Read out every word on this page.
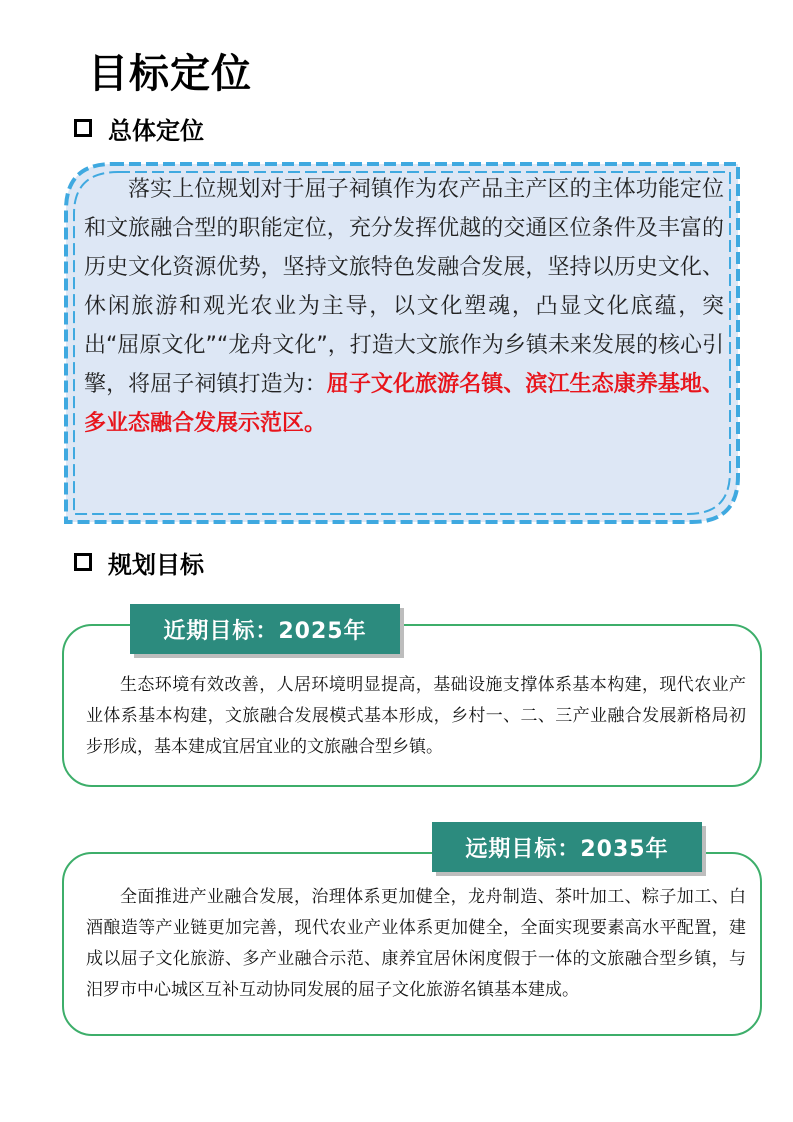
目标定位
总体定位

落实上位规划对于屈子祠镇作为农产品主产区的主体功能定位和文旅融合型的职能定位，充分发挥优越的交通区位条件及丰富的历史文化资源优势，坚持文旅特色发融合发展，坚持以历史文化、休闲旅游和观光农业为主导，以文化塑魂，凸显文化底蕴，突出“屈原文化”“龙舟文化”，打造大文旅作为乡镇未来发展的核心引擎，将屈子祠镇打造为：屈子文化旅游名镇、滨江生态康养基地、多业态融合发展示范区。

规划目标

生态环境有效改善，人居环境明显提高，基础设施支撑体系基本构建，现代农业产业体系基本构建，文旅融合发展模式基本形成，乡村一、二、三产业融合发展新格局初步形成，基本建成宜居宜业的文旅融合型乡镇。

近期目标：2025年

全面推进产业融合发展，治理体系更加健全，龙舟制造、茶叶加工、粽子加工、白酒酿造等产业链更加完善，现代农业产业体系更加健全，全面实现要素高水平配置，建成以屈子文化旅游、多产业融合示范、康养宜居休闲度假于一体的文旅融合型乡镇，与汨罗市中心城区互补互动协同发展的屈子文化旅游名镇基本建成。

远期目标：2035年
